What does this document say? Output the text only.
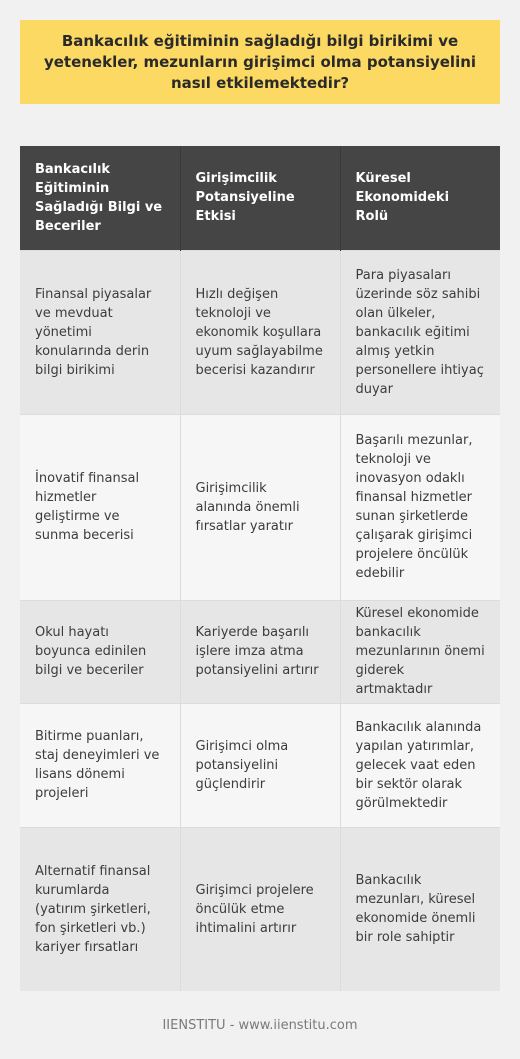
Bankacılık eğitiminin sağladığı bilgi birikimi ve yetenekler, mezunların girişimci olma potansiyelini nasıl etkilemektedir?
Bankacılık Eğitiminin Sağladığı Bilgi ve Beceriler	Girişimcilik Potansiyeline Etkisi	Küresel Ekonomideki Rolü
Finansal piyasalar ve mevduat yönetimi konularında derin bilgi birikimi	Hızlı değişen teknoloji ve ekonomik koşullara uyum sağlayabilme becerisi kazandırır	Para piyasaları üzerinde söz sahibi olan ülkeler, bankacılık eğitimi almış yetkin personellere ihtiyaç duyar
İnovatif finansal hizmetler geliştirme ve sunma becerisi	Girişimcilik alanında önemli fırsatlar yaratır	Başarılı mezunlar, teknoloji ve inovasyon odaklı finansal hizmetler sunan şirketlerde çalışarak girişimci projelere öncülük edebilir
Okul hayatı boyunca edinilen bilgi ve beceriler	Kariyerde başarılı işlere imza atma potansiyelini artırır	Küresel ekonomide bankacılık mezunlarının önemi giderek artmaktadır
Bitirme puanları, staj deneyimleri ve lisans dönemi projeleri	Girişimci olma potansiyelini güçlendirir	Bankacılık alanında yapılan yatırımlar, gelecek vaat eden bir sektör olarak görülmektedir
Alternatif finansal kurumlarda (yatırım şirketleri, fon şirketleri vb.) kariyer fırsatları	Girişimci projelere öncülük etme ihtimalini artırır	Bankacılık mezunları, küresel ekonomide önemli bir role sahiptir
IIENSTITU - www.iienstitu.com
